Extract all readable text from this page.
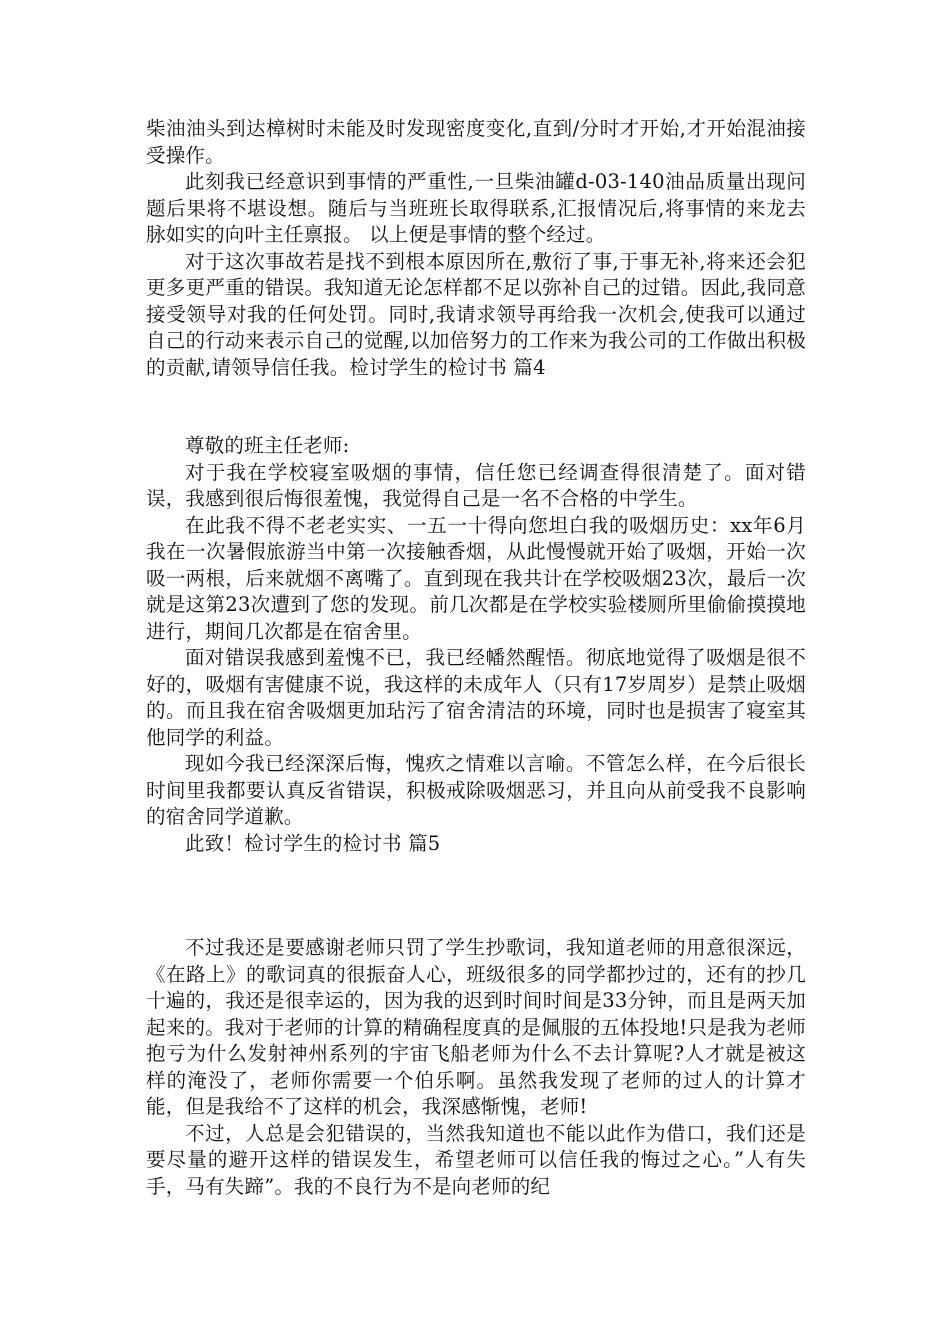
柴油油头到达樟树时未能及时发现密度变化,直到/分时才开始,才开始混油接受操作。

此刻我已经意识到事情的严重性,一旦柴油罐d-03-140油品质量出现问题后果将不堪设想。随后与当班班长取得联系,汇报情况后,将事情的来龙去脉如实的向叶主任禀报。 以上便是事情的整个经过。

对于这次事故若是找不到根本原因所在,敷衍了事,于事无补,将来还会犯更多更严重的错误。我知道无论怎样都不足以弥补自己的过错。因此,我同意接受领导对我的任何处罚。同时,我请求领导再给我一次机会,使我可以通过自己的行动来表示自己的觉醒,以加倍努力的工作来为我公司的工作做出积极的贡献,请领导信任我。检讨学生的检讨书 篇4

尊敬的班主任老师:

对于我在学校寝室吸烟的事情，信任您已经调查得很清楚了。面对错误，我感到很后悔很羞愧，我觉得自己是一名不合格的中学生。

在此我不得不老老实实、一五一十得向您坦白我的吸烟历史：xx年6月我在一次暑假旅游当中第一次接触香烟，从此慢慢就开始了吸烟，开始一次吸一两根，后来就烟不离嘴了。直到现在我共计在学校吸烟23次，最后一次就是这第23次遭到了您的发现。前几次都是在学校实验楼厕所里偷偷摸摸地进行，期间几次都是在宿舍里。

面对错误我感到羞愧不已，我已经幡然醒悟。彻底地觉得了吸烟是很不好的，吸烟有害健康不说，我这样的未成年人（只有17岁周岁）是禁止吸烟的。而且我在宿舍吸烟更加玷污了宿舍清洁的环境，同时也是损害了寝室其他同学的利益。

现如今我已经深深后悔，愧疚之情难以言喻。不管怎么样，在今后很长时间里我都要认真反省错误，积极戒除吸烟恶习，并且向从前受我不良影响的宿舍同学道歉。

此致！检讨学生的检讨书 篇5

不过我还是要感谢老师只罚了学生抄歌词，我知道老师的用意很深远，《在路上》的歌词真的很振奋人心，班级很多的同学都抄过的，还有的抄几十遍的，我还是很幸运的，因为我的迟到时间时间是33分钟，而且是两天加起来的。我对于老师的计算的精确程度真的是佩服的五体投地!只是我为老师抱亏为什么发射神州系列的宇宙飞船老师为什么不去计算呢?人才就是被这样的淹没了，老师你需要一个伯乐啊。虽然我发现了老师的过人的计算才能，但是我给不了这样的机会，我深感惭愧，老师!

不过，人总是会犯错误的，当然我知道也不能以此作为借口，我们还是要尽量的避开这样的错误发生，希望老师可以信任我的悔过之心。”人有失手，马有失蹄”。我的不良行为不是向老师的纪
